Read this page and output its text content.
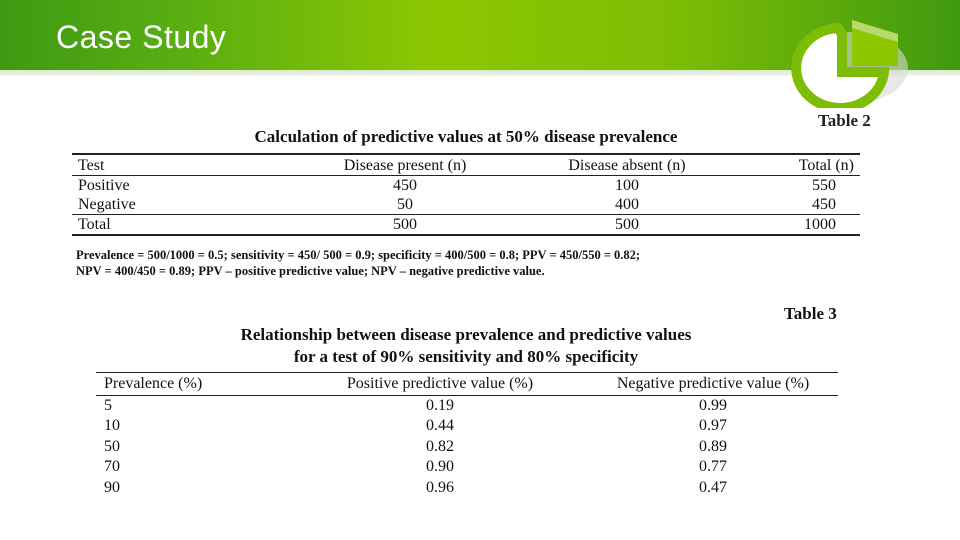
Case Study
Table 2
Calculation of predictive values at 50% disease prevalence
Test	Disease present (n)	Disease absent (n)	Total (n)
Positive	450	100	550
Negative	50	400	450
Total	500	500	1000
Prevalence = 500/1000 = 0.5; sensitivity = 450/ 500 = 0.9; specificity = 400/500 = 0.8; PPV = 450/550 = 0.82;
NPV = 400/450 = 0.89; PPV – positive predictive value; NPV – negative predictive value.
Table 3
Relationship between disease prevalence and predictive values
for a test of 90% sensitivity and 80% specificity
Prevalence (%)	Positive predictive value (%)	Negative predictive value (%)
5	0.19	0.99
10	0.44	0.97
50	0.82	0.89
70	0.90	0.77
90	0.96	0.47
